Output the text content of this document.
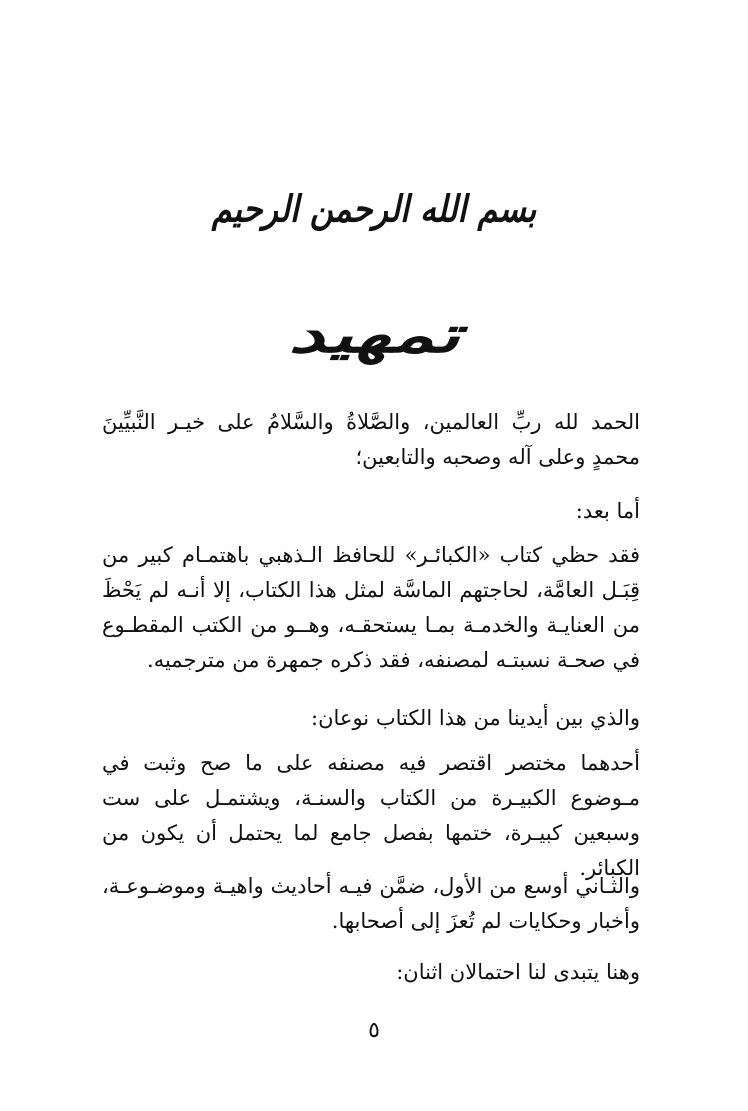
بسم الله الرحمن الرحيم
تمهيد
الحمد لله ربِّ العالمين، والصَّلاةُ والسَّلامُ على خيـر النَّبيِّينَ محمدٍ وعلى آله وصحبه والتابعين؛
أما بعد:
فقد حظي كتاب «الكبائـر» للحافظ الـذهبي باهتمـام كبير من قِبَـل العامَّة، لحاجتهم الماسَّة لمثل هذا الكتاب، إلا أنـه لم يَحْظَ من العنايـة والخدمـة بمـا يستحقـه، وهــو من الكتب المقطـوع في صحـة نسبتـه لمصنفه، فقد ذكره جمهرة من مترجميه.
والذي بين أيدينا من هذا الكتاب نوعان:
أحدهما مختصر اقتصر فيه مصنفه على ما صح وثبت في مـوضوع الكبيـرة من الكتاب والسنـة، ويشتمـل على ست وسبعين كبيـرة، ختمها بفصل جامع لما يحتمل أن يكون من الكبائر.
والثـاني أوسع من الأول، ضمَّن فيـه أحاديث واهيـة وموضـوعـة، وأخبار وحكايات لم تُعزَ إلى أصحابها.
وهنا يتبدى لنا احتمالان اثنان:
٥
